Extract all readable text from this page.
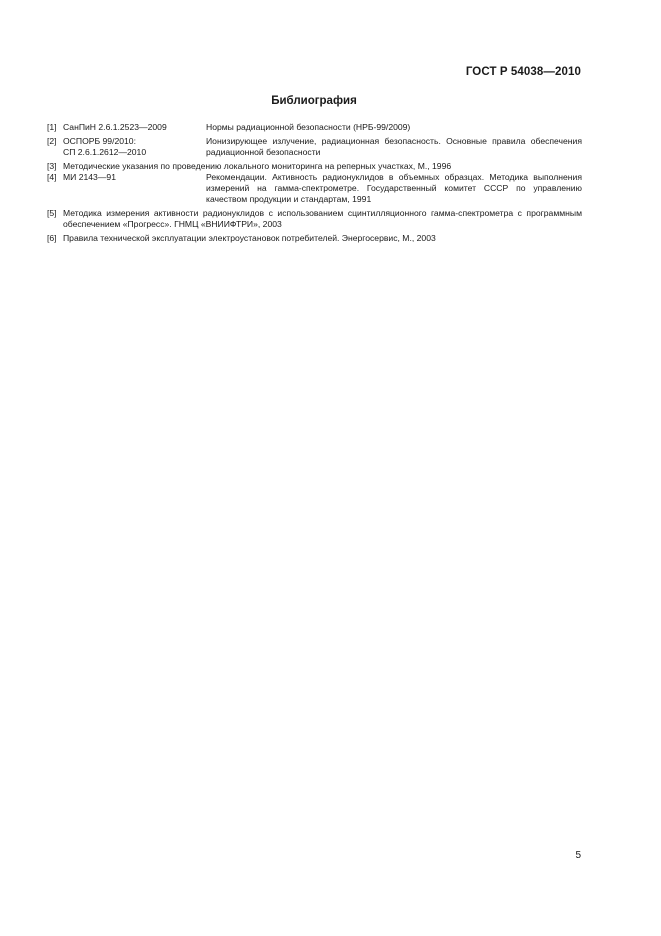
ГОСТ Р 54038—2010
Библиография
[1] СанПиН 2.6.1.2523—2009	Нормы радиационной безопасности (НРБ-99/2009)
[2] ОСПОРБ 99/2010:
СП 2.6.1.2612—2010
Ионизирующее излучение, радиационная безопасность. Основные правила обеспечения радиационной безопасности
[3] Методические указания по проведению локального мониторинга на реперных участках, М., 1996
[4] МИ 2143—91	Рекомендации. Активность радионуклидов в объемных образцах. Методика выполнения измерений на гамма-спектрометре. Государственный комитет СССР по управлению качеством продукции и стандартам, 1991
[5] Методика измерения активности радионуклидов с использованием сцинтилляционного гамма-спектрометра с программным обеспечением «Прогресс». ГНМЦ «ВНИИФТРИ», 2003
[6] Правила технической эксплуатации электроустановок потребителей. Энергосервис, М., 2003
5
